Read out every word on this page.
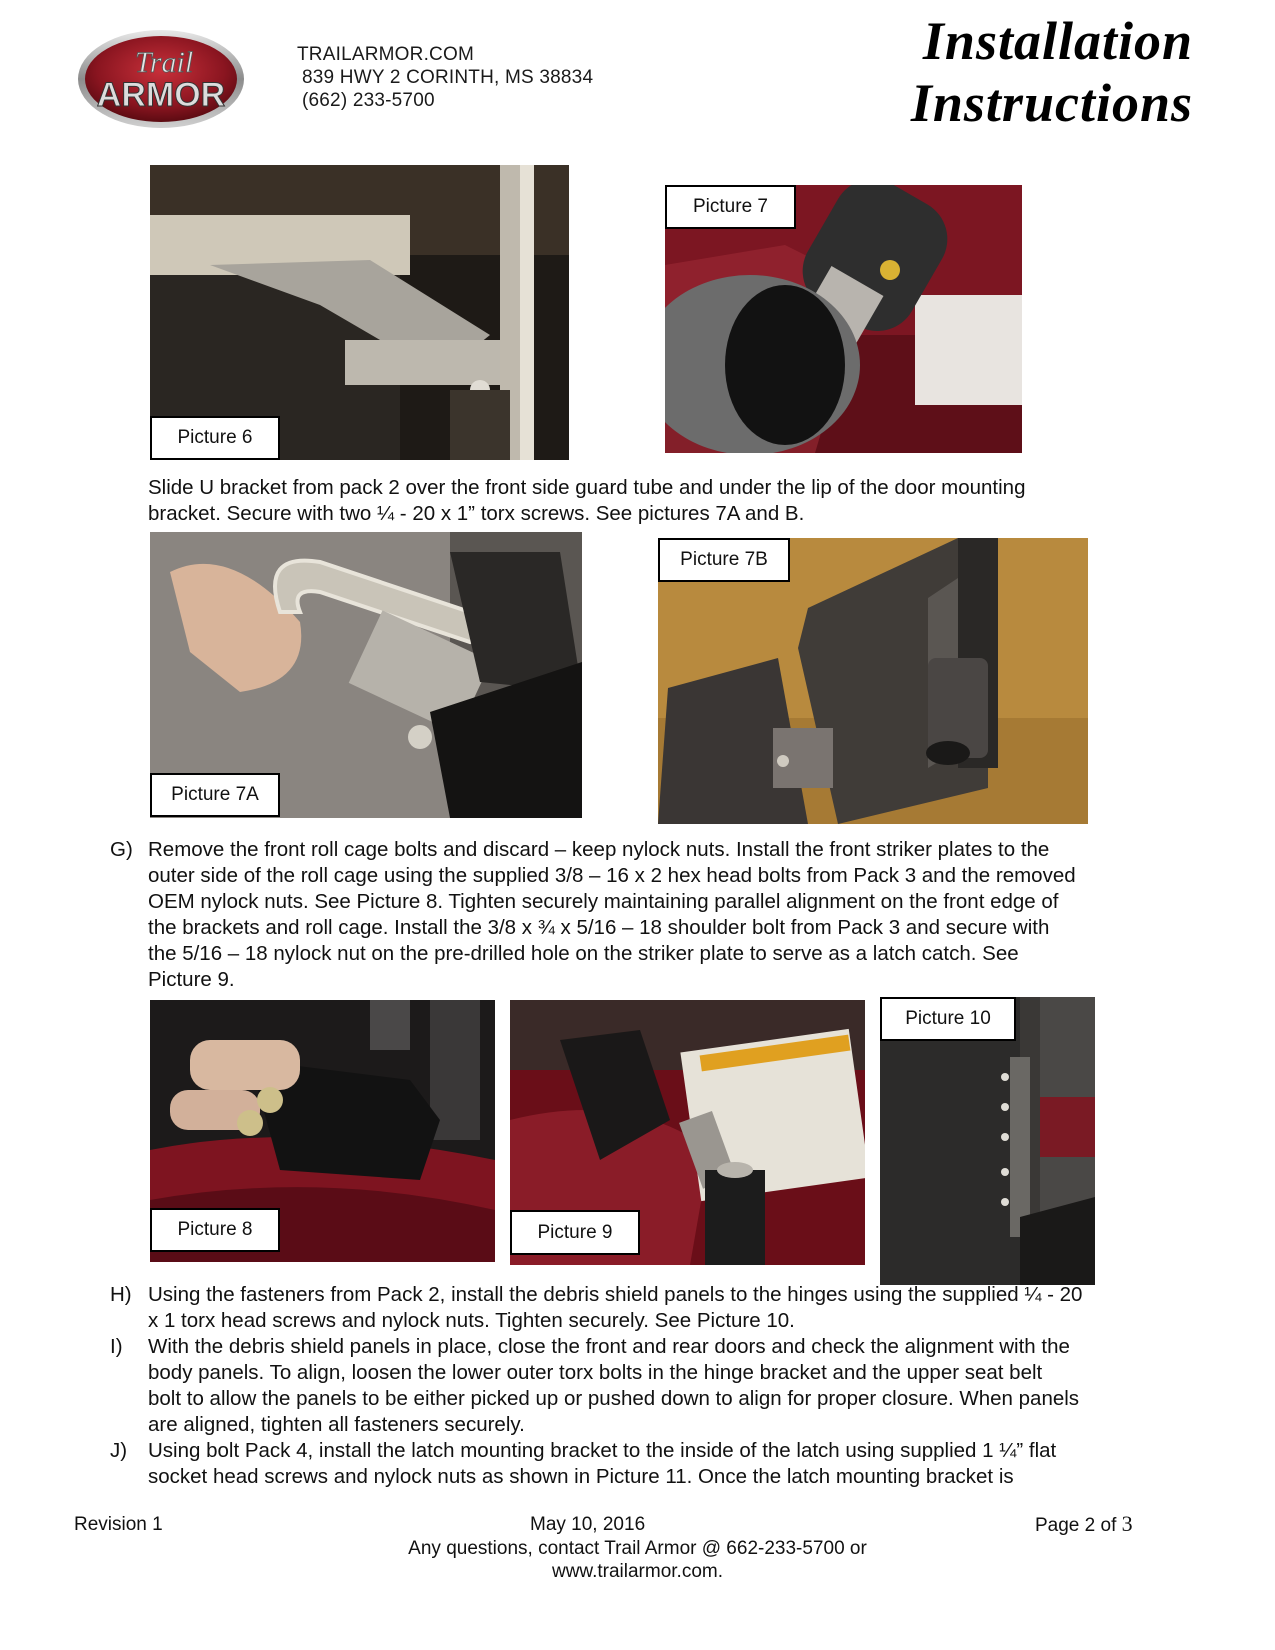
Trail
ARMOR
TRAILARMOR.COM
839 HWY 2 CORINTH, MS 38834
(662) 233-5700
Installation
Instructions
Picture 6
Picture 7
Slide U bracket from pack 2 over the front side guard tube and under the lip of the door mounting
bracket. Secure with two ¼ - 20 x 1” torx screws. See pictures 7A and B.
Picture 7A
Picture 7B
G) Remove the front roll cage bolts and discard – keep nylock nuts. Install the front striker plates to the
outer side of the roll cage using the supplied 3/8 – 16 x 2 hex head bolts from Pack 3 and the removed
OEM nylock nuts. See Picture 8. Tighten securely maintaining parallel alignment on the front edge of
the brackets and roll cage. Install the 3/8 x ¾ x 5/16 – 18 shoulder bolt from Pack 3 and secure with
the 5/16 – 18 nylock nut on the pre-drilled hole on the striker plate to serve as a latch catch. See
Picture 9.
Picture 8	Picture 9
Picture 10
H) Using the fasteners from Pack 2, install the debris shield panels to the hinges using the supplied ¼ - 20
x 1 torx head screws and nylock nuts. Tighten securely. See Picture 10.
I) With the debris shield panels in place, close the front and rear doors and check the alignment with the
body panels. To align, loosen the lower outer torx bolts in the hinge bracket and the upper seat belt
bolt to allow the panels to be either picked up or pushed down to align for proper closure. When panels
are aligned, tighten all fasteners securely.
J) Using bolt Pack 4, install the latch mounting bracket to the inside of the latch using supplied 1 ¼” flat
socket head screws and nylock nuts as shown in Picture 11. Once the latch mounting bracket is
Revision 1	May 10, 2016	Page 2 of 3
Any questions, contact Trail Armor @ 662-233-5700 or
www.trailarmor.com.
